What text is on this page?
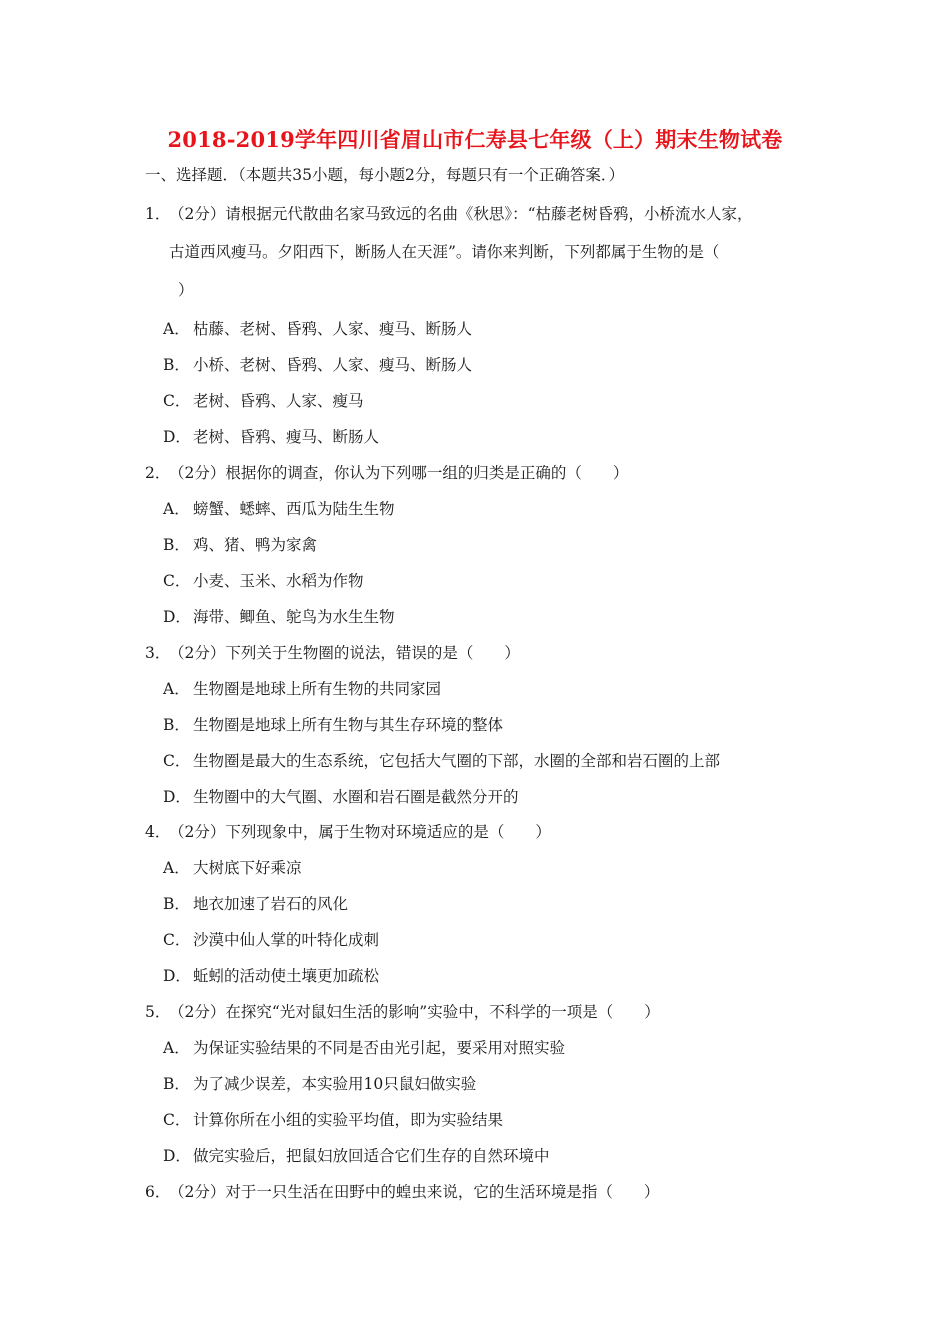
2018-2019学年四川省眉山市仁寿县七年级（上）期末生物试卷

一、选择题．（本题共35小题，每小题2分，每题只有一个正确答案．）

1．（2分）请根据元代散曲名家马致远的名曲《秋思》：“枯藤老树昏鸦，小桥流水人家，
古道西风瘦马。夕阳西下，断肠人在天涯”。请你来判断，下列都属于生物的是（
）
A． 枯藤、老树、昏鸦、人家、瘦马、断肠人
B． 小桥、老树、昏鸦、人家、瘦马、断肠人
C． 老树、昏鸦、人家、瘦马
D． 老树、昏鸦、瘦马、断肠人
2．（2分）根据你的调查，你认为下列哪一组的归类是正确的（　　）
A． 螃蟹、蟋蟀、西瓜为陆生生物
B． 鸡、猪、鸭为家禽
C． 小麦、玉米、水稻为作物
D． 海带、鲫鱼、鸵鸟为水生生物
3．（2分）下列关于生物圈的说法，错误的是（　　）
A． 生物圈是地球上所有生物的共同家园
B． 生物圈是地球上所有生物与其生存环境的整体
C． 生物圈是最大的生态系统，它包括大气圈的下部，水圈的全部和岩石圈的上部
D． 生物圈中的大气圈、水圈和岩石圈是截然分开的
4．（2分）下列现象中，属于生物对环境适应的是（　　）
A． 大树底下好乘凉
B． 地衣加速了岩石的风化
C． 沙漠中仙人掌的叶特化成刺
D． 蚯蚓的活动使土壤更加疏松
5．（2分）在探究“光对鼠妇生活的影响”实验中，不科学的一项是（　　）
A． 为保证实验结果的不同是否由光引起，要采用对照实验
B． 为了减少误差，本实验用10只鼠妇做实验
C． 计算你所在小组的实验平均值，即为实验结果
D． 做完实验后，把鼠妇放回适合它们生存的自然环境中
6．（2分）对于一只生活在田野中的蝗虫来说，它的生活环境是指（　　）
